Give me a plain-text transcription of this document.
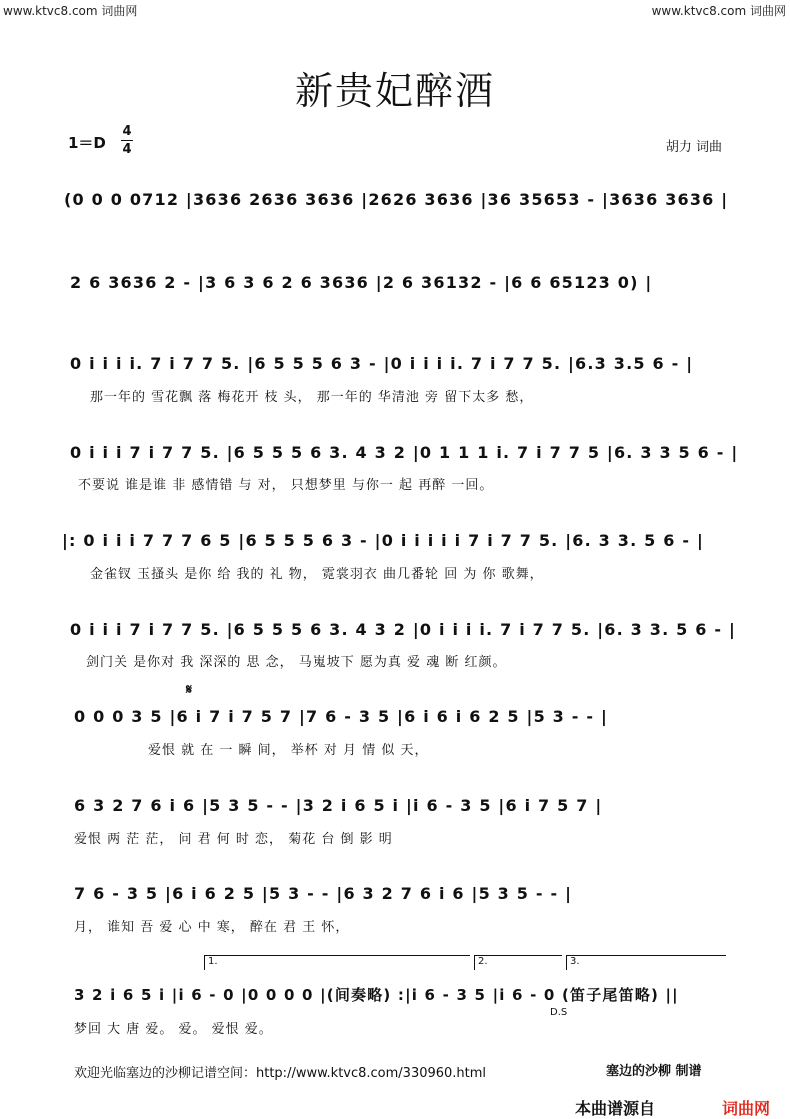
www.ktvc8.com 词曲网	www.ktvc8.com 词曲网
新贵妃醉酒
1＝D
4
4	胡力 词曲
(0 0 0 0712 |3636 2636 3636 |2626 3636 |36 35653 - |3636 3636 |
2 6 3636 2 - |3 6 3 6 2 6 3636 |2 6 36132 - |6 6 65123 0) |
0 i i i i. 7 i 7 7 5. |6 5 5 5 6 3 - |0 i i i i. 7 i 7 7 5. |6.3 3.5 6 - |
那一年的 雪花飘 落 梅花开 枝 头， 那一年的 华清池 旁 留下太多 愁，
0 i i i 7 i 7 7 5. |6 5 5 5 6 3. 4 3 2 |0 1 1 1 i. 7 i 7 7 5 |6. 3 3 5 6 - |
不要说 谁是谁 非 感情错 与 对， 只想梦里 与你一 起 再醉 一回。
|: 0 i i i 7 7 7 6 5 |6 5 5 5 6 3 - |0 i i i i i 7 i 7 7 5. |6. 3 3. 5 6 - |
金雀钗 玉搔头 是你 给 我的 礼 物， 霓裳羽衣 曲几番轮 回 为 你 歌舞，
0 i i i 7 i 7 7 5. |6 5 5 5 6 3. 4 3 2 |0 i i i i. 7 i 7 7 5. |6. 3 3. 5 6 - |
剑门关 是你对 我 深深的 思 念， 马嵬坡下 愿为真 爱 魂 断 红颜。
𝄋
0 0 0 3 5 |6 i 7 i 7 5 7 |7 6 - 3 5 |6 i 6 i 6 2 5 |5 3 - - |
爱恨 就 在 一 瞬 间， 举杯 对 月 情 似 天，
6 3 2 7 6 i 6 |5 3 5 - - |3 2 i 6 5 i |i 6 - 3 5 |6 i 7 5 7 |
爱恨 两 茫 茫， 问 君 何 时 恋， 菊花 台 倒 影 明
7 6 - 3 5 |6 i 6 2 5 |5 3 - - |6 3 2 7 6 i 6 |5 3 5 - - |
月， 谁知 吾 爱 心 中 寒， 醉在 君 王 怀，
1.	2.	3.
3 2 i 6 5 i |i 6 - 0 |0 0 0 0 |(间奏略) :|i 6 - 3 5 |i 6 - 0 (笛子尾笛略) ||
D.S
梦回 大 唐 爱。 爱。 爱恨 爱。
欢迎光临塞边的沙柳记谱空间：http://www.ktvc8.com/330960.html	塞边的沙柳 制谱
本曲谱源自	词曲网
